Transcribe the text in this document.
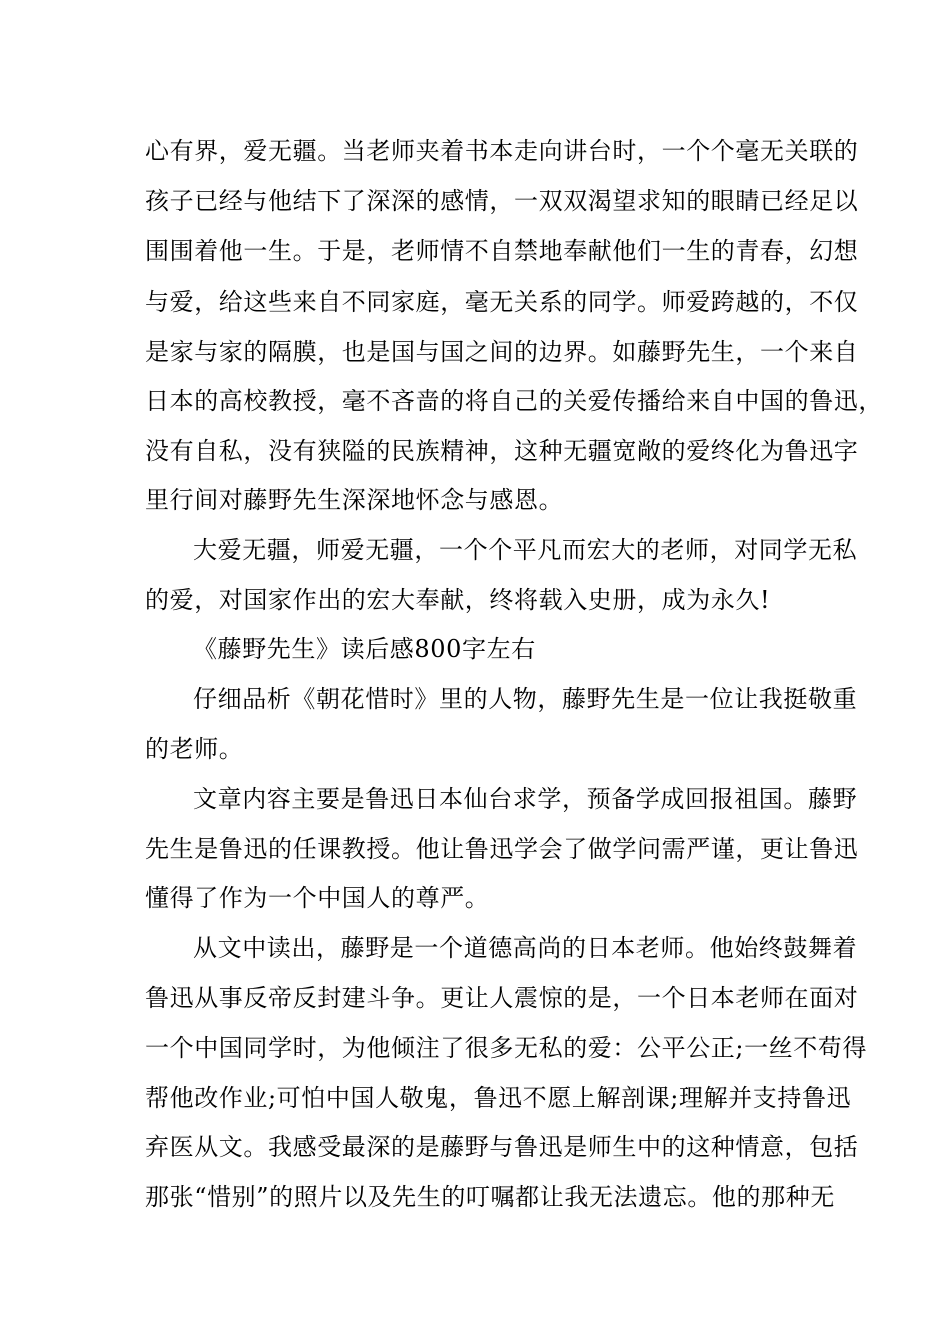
心有界，爱无疆。当老师夹着书本走向讲台时，一个个毫无关联的
孩子已经与他结下了深深的感情，一双双渴望求知的眼睛已经足以
围围着他一生。于是，老师情不自禁地奉献他们一生的青春，幻想
与爱，给这些来自不同家庭，毫无关系的同学。师爱跨越的，不仅
是家与家的隔膜，也是国与国之间的边界。如藤野先生，一个来自
日本的高校教授，毫不吝啬的将自己的关爱传播给来自中国的鲁迅，
没有自私，没有狭隘的民族精神，这种无疆宽敞的爱终化为鲁迅字
里行间对藤野先生深深地怀念与感恩。
大爱无疆，师爱无疆，一个个平凡而宏大的老师，对同学无私
的爱，对国家作出的宏大奉献，终将载入史册，成为永久!
《藤野先生》读后感800字左右
仔细品析《朝花惜时》里的人物，藤野先生是一位让我挺敬重
的老师。
文章内容主要是鲁迅日本仙台求学，预备学成回报祖国。藤野
先生是鲁迅的任课教授。他让鲁迅学会了做学问需严谨，更让鲁迅
懂得了作为一个中国人的尊严。
从文中读出，藤野是一个道德高尚的日本老师。他始终鼓舞着
鲁迅从事反帝反封建斗争。更让人震惊的是，一个日本老师在面对
一个中国同学时，为他倾注了很多无私的爱：公平公正;一丝不苟得
帮他改作业;可怕中国人敬鬼，鲁迅不愿上解剖课;理解并支持鲁迅
弃医从文。我感受最深的是藤野与鲁迅是师生中的这种情意，包括
那张“惜别”的照片以及先生的叮嘱都让我无法遗忘。他的那种无
